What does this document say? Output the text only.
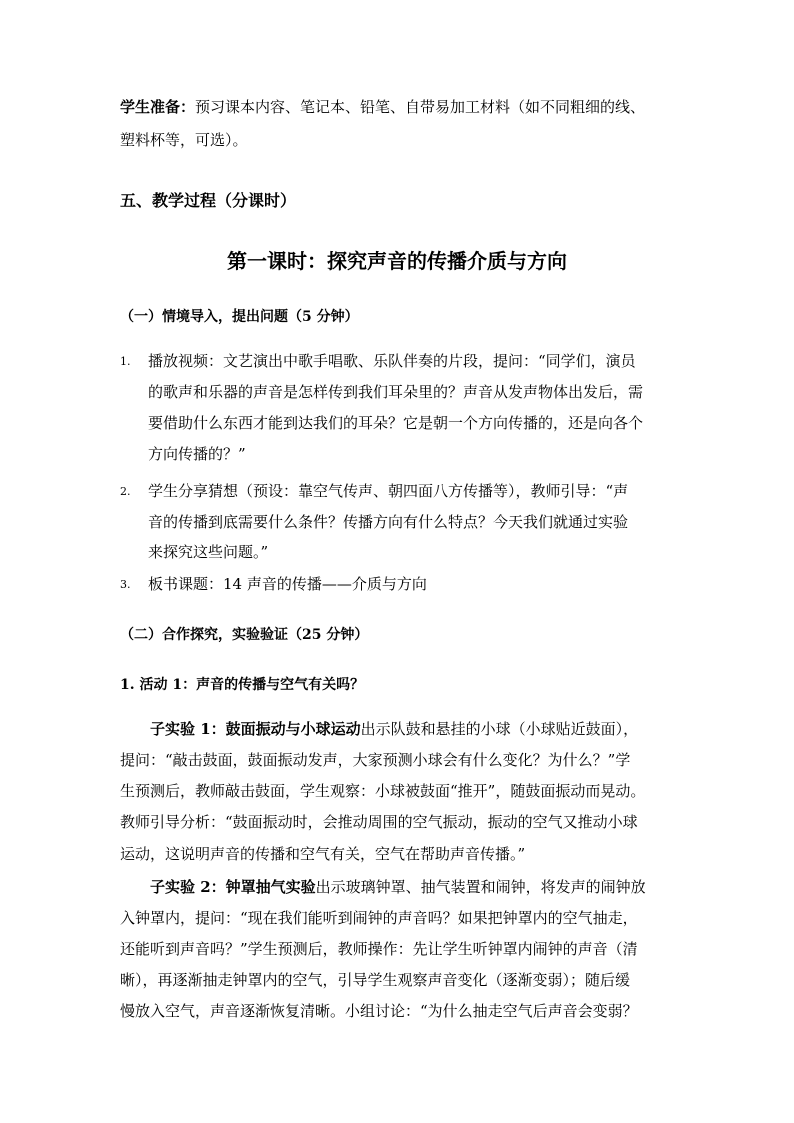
学生准备：预习课本内容、笔记本、铅笔、自带易加工材料（如不同粗细的线、
塑料杯等，可选）。
五、教学过程（分课时）
第一课时：探究声音的传播介质与方向
（一）情境导入，提出问题（5 分钟）
1. 播放视频：文艺演出中歌手唱歌、乐队伴奏的片段，提问：“同学们，演员
的歌声和乐器的声音是怎样传到我们耳朵里的？声音从发声物体出发后，需
要借助什么东西才能到达我们的耳朵？它是朝一个方向传播的，还是向各个
方向传播的？”
2. 学生分享猜想（预设：靠空气传声、朝四面八方传播等），教师引导：“声
音的传播到底需要什么条件？传播方向有什么特点？今天我们就通过实验
来探究这些问题。”
3. 板书课题：14 声音的传播——介质与方向
（二）合作探究，实验验证（25 分钟）
1. 活动 1：声音的传播与空气有关吗？
子实验 1：鼓面振动与小球运动出示队鼓和悬挂的小球（小球贴近鼓面），
提问：“敲击鼓面，鼓面振动发声，大家预测小球会有什么变化？为什么？”学
生预测后，教师敲击鼓面，学生观察：小球被鼓面“推开”，随鼓面振动而晃动。
教师引导分析：“鼓面振动时，会推动周围的空气振动，振动的空气又推动小球
运动，这说明声音的传播和空气有关，空气在帮助声音传播。”
子实验 2：钟罩抽气实验出示玻璃钟罩、抽气装置和闹钟，将发声的闹钟放
入钟罩内，提问：“现在我们能听到闹钟的声音吗？如果把钟罩内的空气抽走，
还能听到声音吗？”学生预测后，教师操作：先让学生听钟罩内闹钟的声音（清
晰），再逐渐抽走钟罩内的空气，引导学生观察声音变化（逐渐变弱）；随后缓
慢放入空气，声音逐渐恢复清晰。小组讨论：“为什么抽走空气后声音会变弱？
